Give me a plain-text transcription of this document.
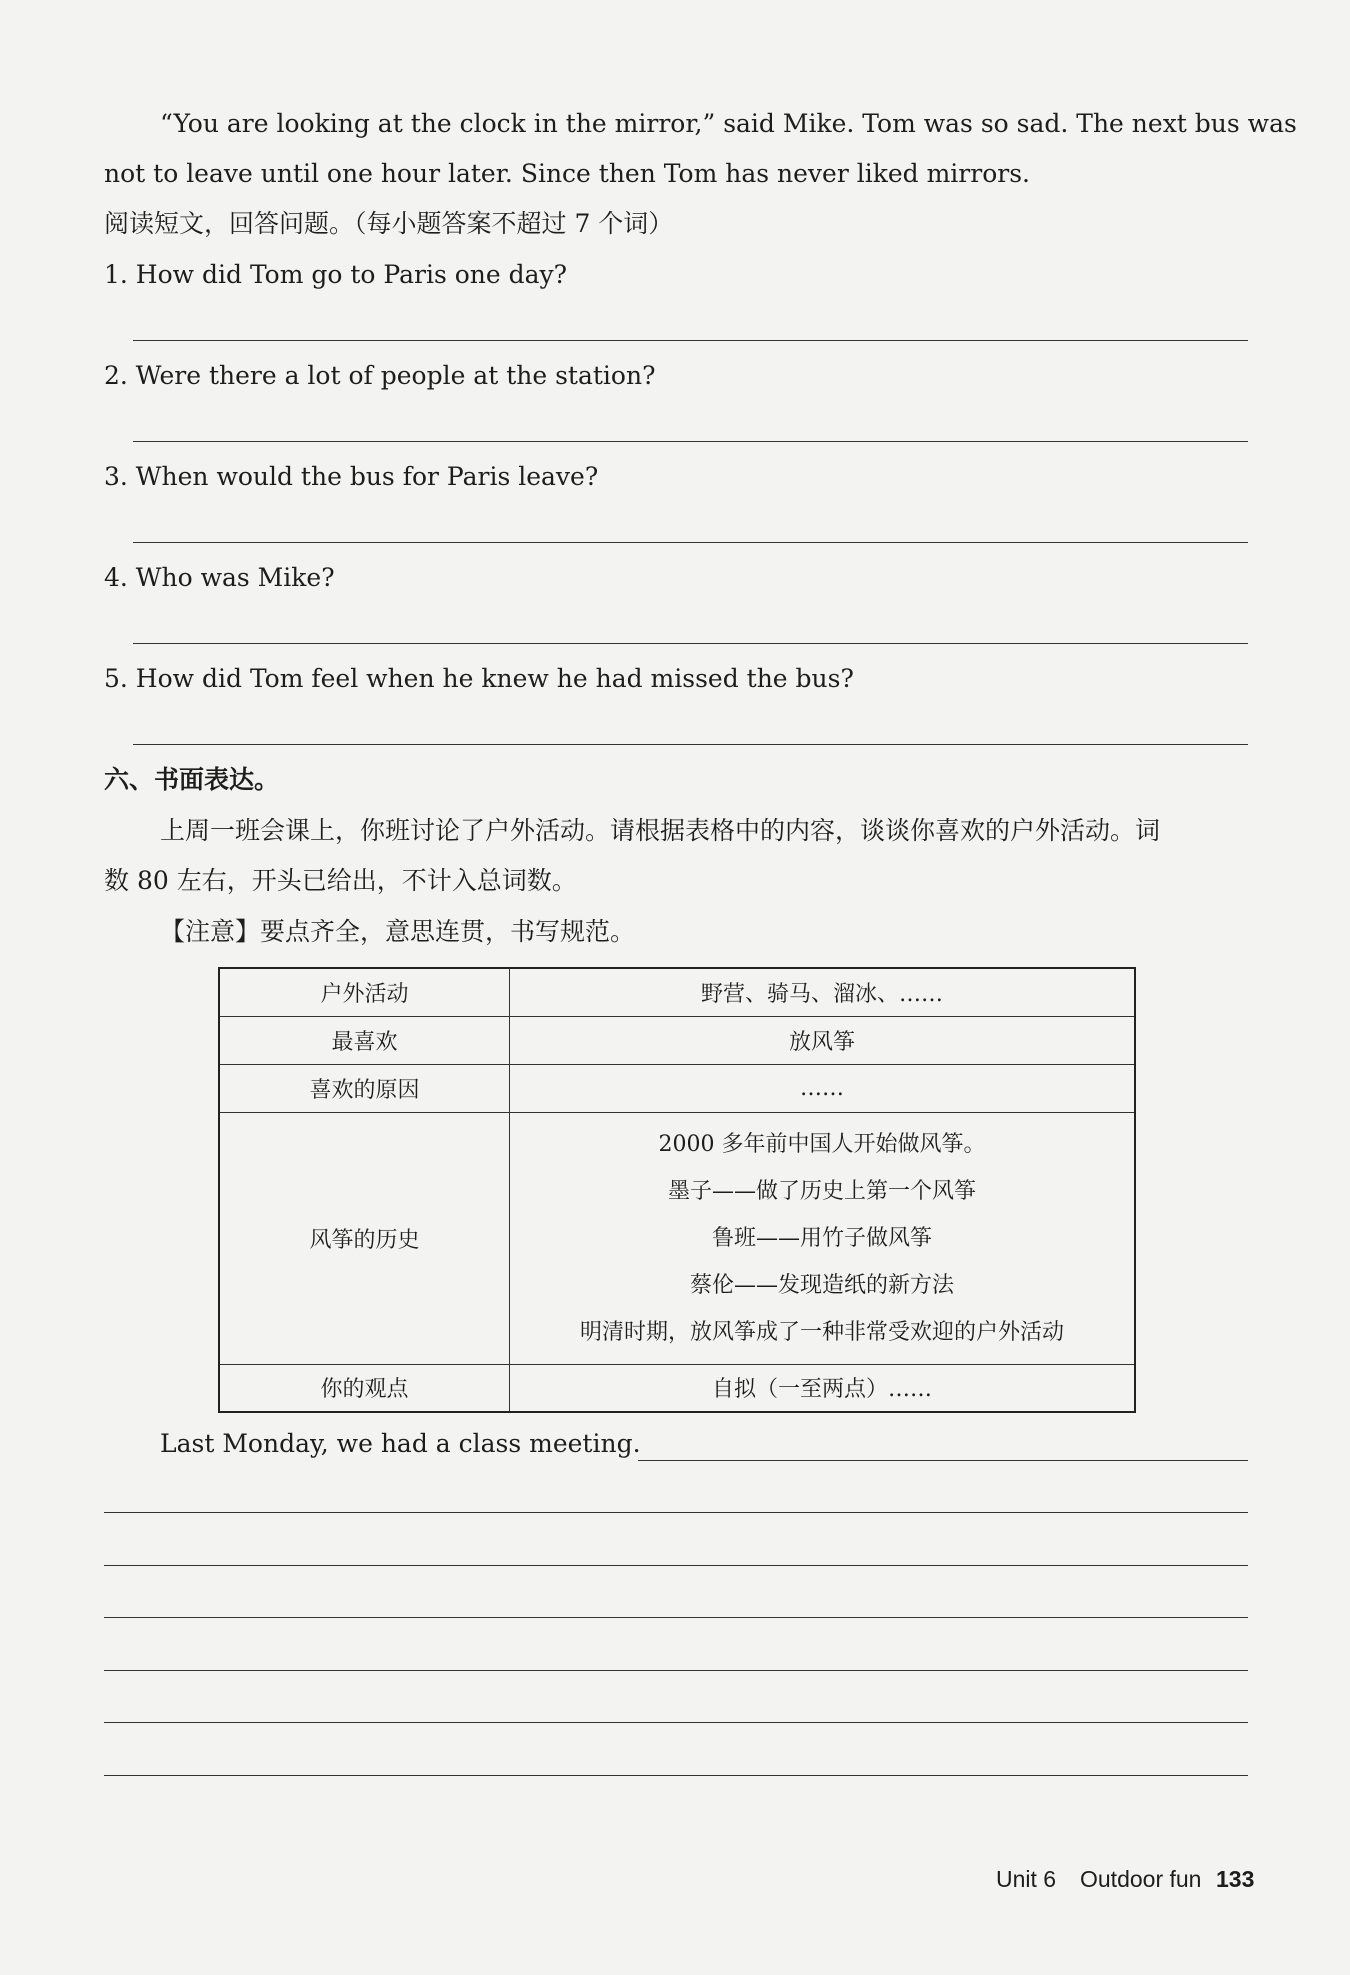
“You are looking at the clock in the mirror,” said Mike. Tom was so sad. The next bus was
not to leave until one hour later. Since then Tom has never liked mirrors.
阅读短文，回答问题。（每小题答案不超过 7 个词）
1. How did Tom go to Paris one day?
2. Were there a lot of people at the station?
3. When would the bus for Paris leave?
4. Who was Mike?
5. How did Tom feel when he knew he had missed the bus?
六、书面表达。
上周一班会课上，你班讨论了户外活动。请根据表格中的内容，谈谈你喜欢的户外活动。词
数 80 左右，开头已给出，不计入总词数。
【注意】要点齐全，意思连贯，书写规范。
户外活动	野营、骑马、溜冰、……
最喜欢	放风筝
喜欢的原因	……
风筝的历史	2000 多年前中国人开始做风筝。
墨子——做了历史上第一个风筝
鲁班——用竹子做风筝
蔡伦——发现造纸的新方法
明清时期，放风筝成了一种非常受欢迎的户外活动

你的观点	自拟（一至两点）……
Last Monday, we had a class meeting.
Unit 6 Outdoor fun 133
